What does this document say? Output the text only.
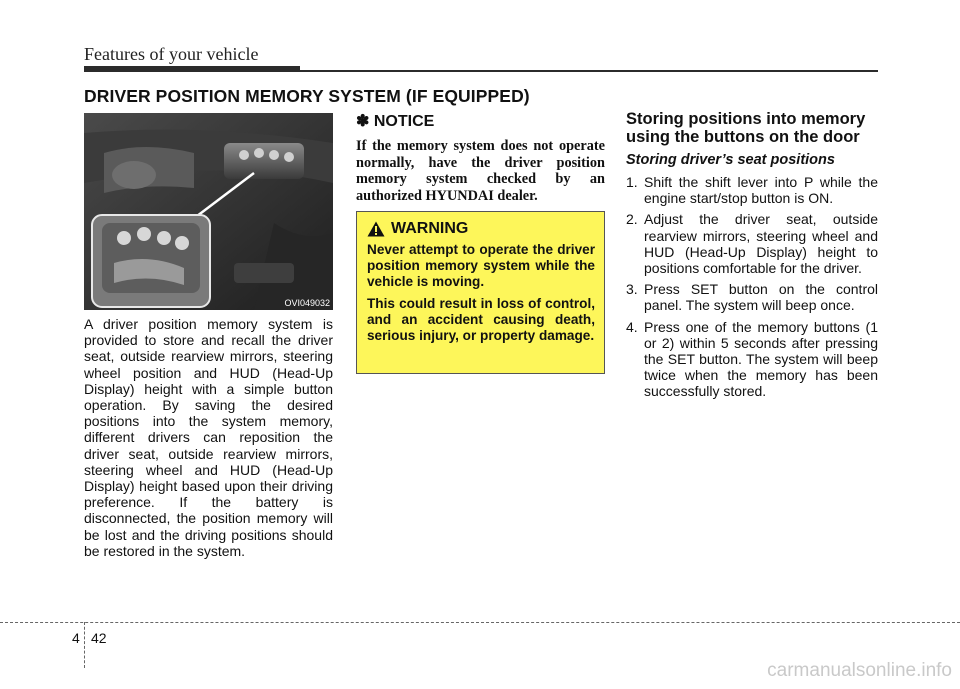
Features of your vehicle
DRIVER POSITION MEMORY SYSTEM (IF EQUIPPED)
OVI049032
A driver position memory system is provided to store and recall the driver seat, outside rearview mirrors, steering wheel position and HUD (Head-Up Display) height with a simple button operation. By saving the desired positions into the system memory, different drivers can reposition the driver seat, outside rearview mirrors, steering wheel and HUD (Head-Up Display) height based upon their driving preference. If the battery is disconnected, the position memory will be lost and the driving positions should be restored in the system.
✽ NOTICE
If the memory system does not operate normally, have the driver position memory system checked by an authorized HYUNDAI dealer.
WARNING

Never attempt to operate the driver position memory system while the vehicle is moving.

This could result in loss of control, and an accident causing death, serious injury, or property damage.

Storing positions into memory using the buttons on the door
Storing driver’s seat positions
1. Shift the shift lever into P while the engine start/stop button is ON.
2. Adjust the driver seat, outside rearview mirrors, steering wheel and HUD (Head-Up Display) height to positions comfortable for the driver.
3. Press SET button on the control panel. The system will beep once.
4. Press one of the memory buttons (1 or 2) within 5 seconds after pressing the SET button. The system will beep twice when the memory has been successfully stored.
4 42
carmanualsonline.info
